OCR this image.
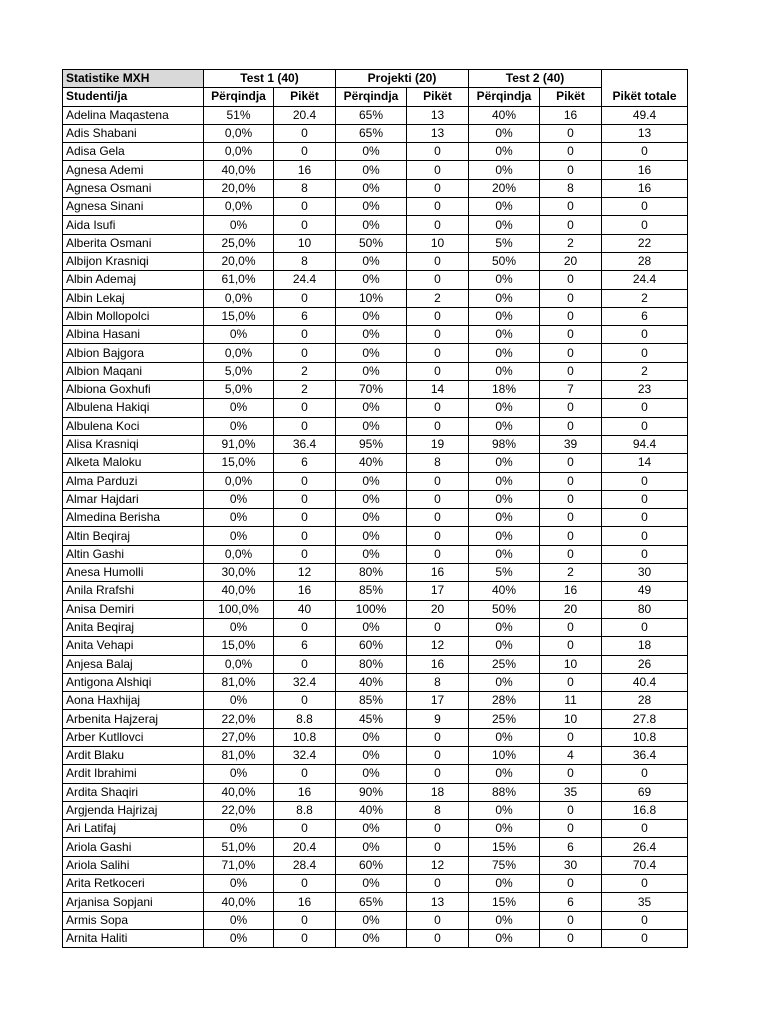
Statistike MXH	Test 1 (40)		Projekti (20)		Test 2 (40)		
Studenti/ja	Përqindja	Pikët	Përqindja	Pikët	Përqindja	Pikët	Pikët totale
Adelina Maqastena	51%	20.4	65%	13	40%	16	49.4
Adis Shabani	0,0%	0	65%	13	0%	0	13
Adisa Gela	0,0%	0	0%	0	0%	0	0
Agnesa Ademi	40,0%	16	0%	0	0%	0	16
Agnesa Osmani	20,0%	8	0%	0	20%	8	16
Agnesa Sinani	0,0%	0	0%	0	0%	0	0
Aida Isufi	0%	0	0%	0	0%	0	0
Alberita Osmani	25,0%	10	50%	10	5%	2	22
Albijon Krasniqi	20,0%	8	0%	0	50%	20	28
Albin Ademaj	61,0%	24.4	0%	0	0%	0	24.4
Albin Lekaj	0,0%	0	10%	2	0%	0	2
Albin Mollopolci	15,0%	6	0%	0	0%	0	6
Albina Hasani	0%	0	0%	0	0%	0	0
Albion Bajgora	0,0%	0	0%	0	0%	0	0
Albion Maqani	5,0%	2	0%	0	0%	0	2
Albiona Goxhufi	5,0%	2	70%	14	18%	7	23
Albulena Hakiqi	0%	0	0%	0	0%	0	0
Albulena Koci	0%	0	0%	0	0%	0	0
Alisa Krasniqi	91,0%	36.4	95%	19	98%	39	94.4
Alketa Maloku	15,0%	6	40%	8	0%	0	14
Alma Parduzi	0,0%	0	0%	0	0%	0	0
Almar Hajdari	0%	0	0%	0	0%	0	0
Almedina Berisha	0%	0	0%	0	0%	0	0
Altin Beqiraj	0%	0	0%	0	0%	0	0
Altin Gashi	0,0%	0	0%	0	0%	0	0
Anesa Humolli	30,0%	12	80%	16	5%	2	30
Anila Rrafshi	40,0%	16	85%	17	40%	16	49
Anisa Demiri	100,0%	40	100%	20	50%	20	80
Anita Beqiraj	0%	0	0%	0	0%	0	0
Anita Vehapi	15,0%	6	60%	12	0%	0	18
Anjesa Balaj	0,0%	0	80%	16	25%	10	26
Antigona Alshiqi	81,0%	32.4	40%	8	0%	0	40.4
Aona Haxhijaj	0%	0	85%	17	28%	11	28
Arbenita Hajzeraj	22,0%	8.8	45%	9	25%	10	27.8
Arber Kutllovci	27,0%	10.8	0%	0	0%	0	10.8
Ardit Blaku	81,0%	32.4	0%	0	10%	4	36.4
Ardit Ibrahimi	0%	0	0%	0	0%	0	0
Ardita Shaqiri	40,0%	16	90%	18	88%	35	69
Argjenda Hajrizaj	22,0%	8.8	40%	8	0%	0	16.8
Ari Latifaj	0%	0	0%	0	0%	0	0
Ariola Gashi	51,0%	20.4	0%	0	15%	6	26.4
Ariola Salihi	71,0%	28.4	60%	12	75%	30	70.4
Arita Retkoceri	0%	0	0%	0	0%	0	0
Arjanisa Sopjani	40,0%	16	65%	13	15%	6	35
Armis Sopa	0%	0	0%	0	0%	0	0
Arnita Haliti	0%	0	0%	0	0%	0	0
